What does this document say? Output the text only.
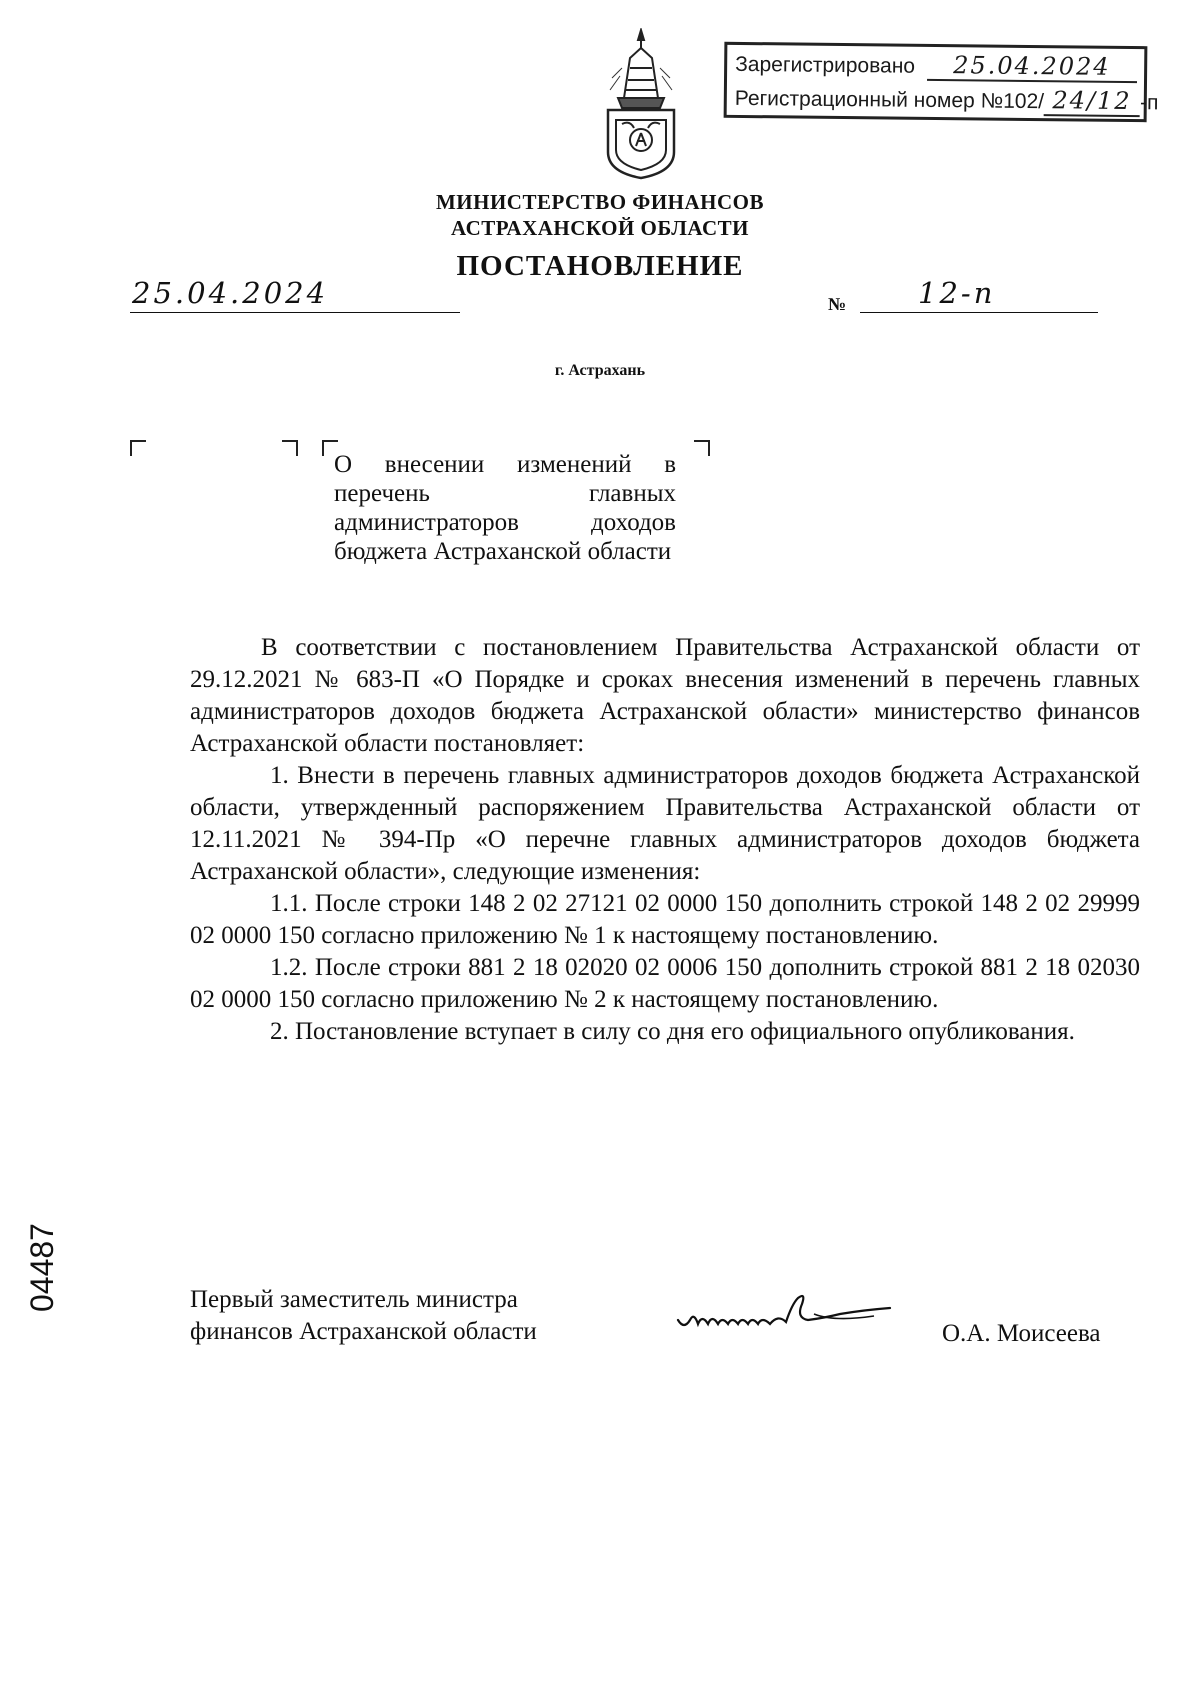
Зарегистрировано 25.04.2024
Регистрационный номер №102/ 24/12 -п
МИНИСТЕРСТВО ФИНАНСОВ
АСТРАХАНСКОЙ ОБЛАСТИ
ПОСТАНОВЛЕНИЕ
25.04.2024	№ 12-п
г. Астрахань
О внесении изменений в перечень главных администраторов доходов бюджета Астраханской области

В соответствии с постановлением Правительства Астраханской области от 29.12.2021 № 683-П «О Порядке и сроках внесения изменений в перечень главных администраторов доходов бюджета Астраханской области» министерство финансов Астраханской области постановляет:

1. Внести в перечень главных администраторов доходов бюджета Астраханской области, утвержденный распоряжением Правительства Астраханской области от 12.11.2021 № 394-Пр «О перечне главных администраторов доходов бюджета Астраханской области», следующие изменения:

1.1. После строки 148 2 02 27121 02 0000 150 дополнить строкой 148 2 02 29999 02 0000 150 согласно приложению № 1 к настоящему постановлению.

1.2. После строки 881 2 18 02020 02 0006 150 дополнить строкой 881 2 18 02030 02 0000 150 согласно приложению № 2 к настоящему постановлению.

2. Постановление вступает в силу со дня его официального опубликования.

Первый заместитель министра
финансов Астраханской области	О.А. Моисеева
04487
